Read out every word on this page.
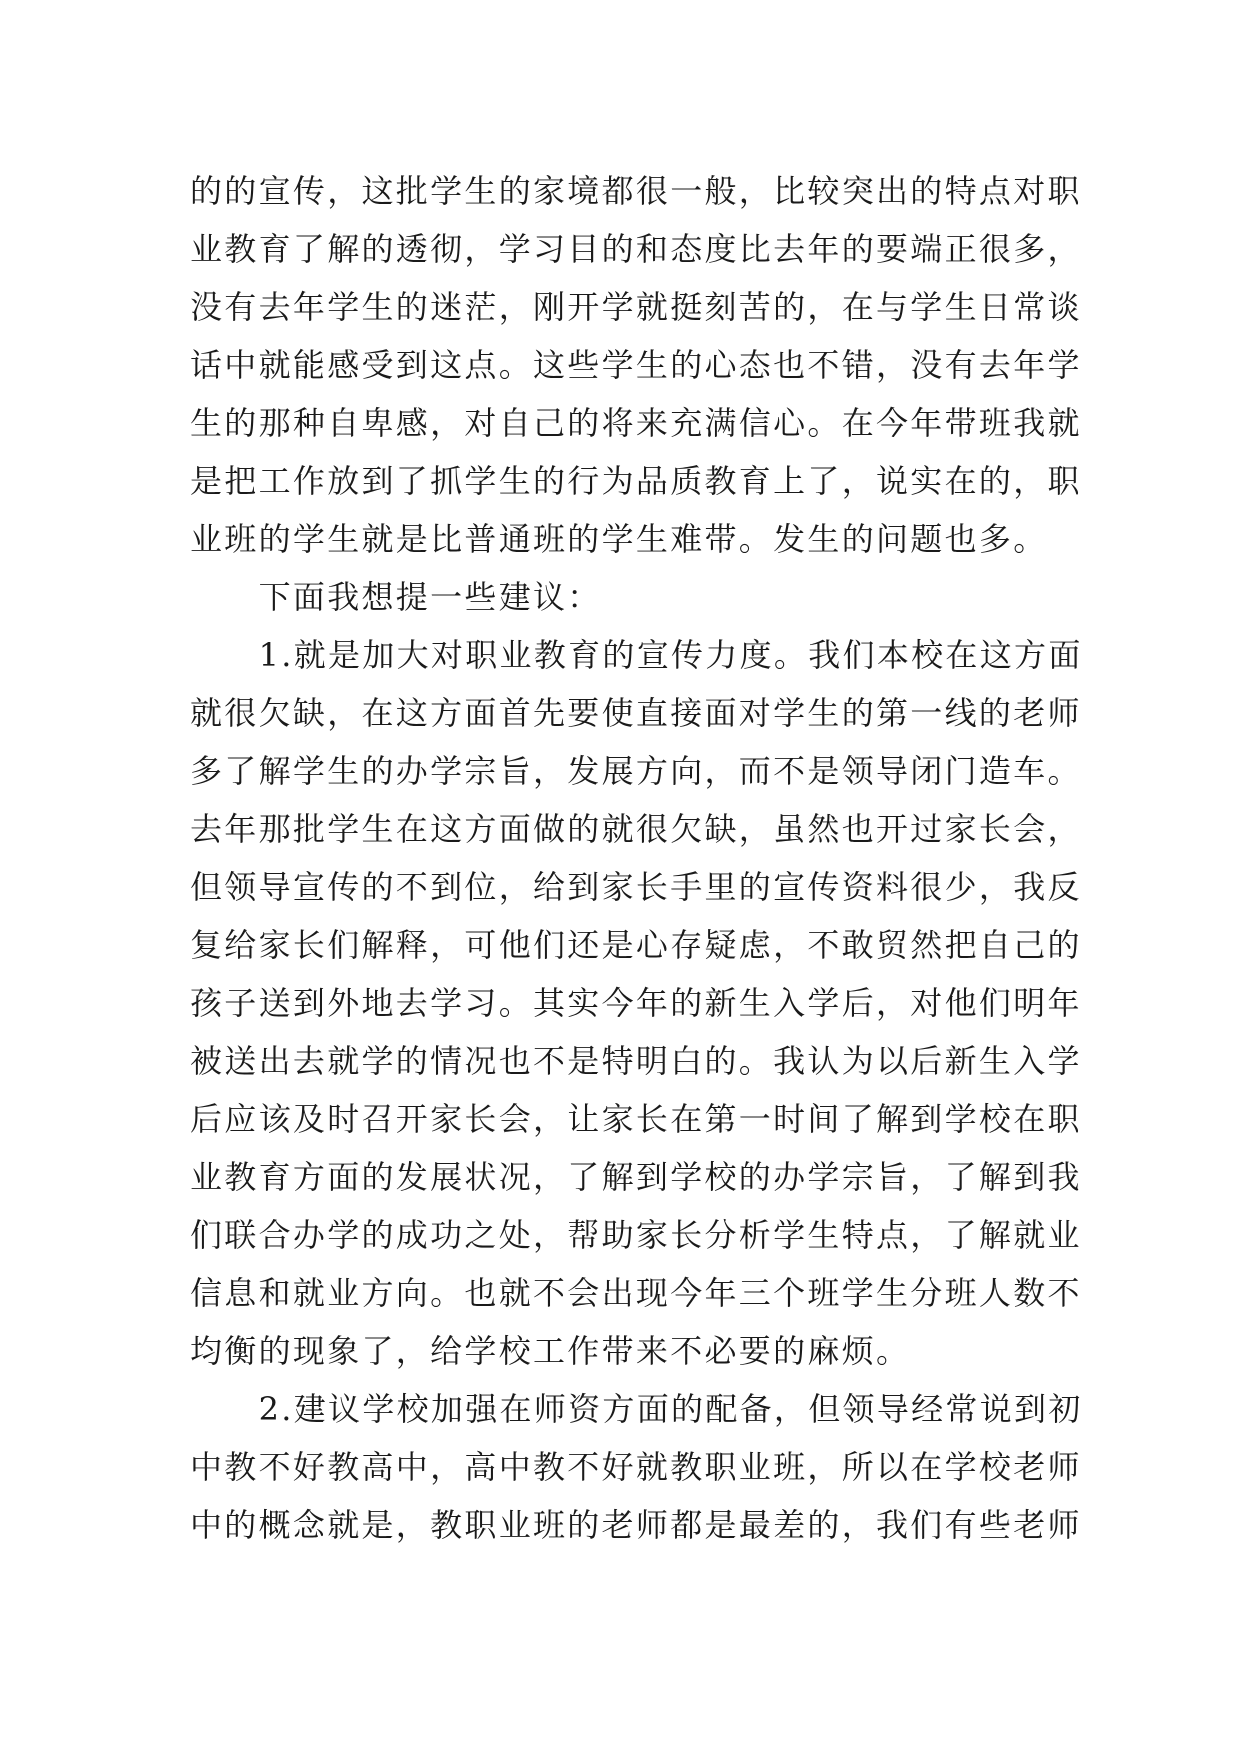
的的宣传，这批学生的家境都很一般，比较突出的特点对职
业教育了解的透彻，学习目的和态度比去年的要端正很多，
没有去年学生的迷茫，刚开学就挺刻苦的，在与学生日常谈
话中就能感受到这点。这些学生的心态也不错，没有去年学
生的那种自卑感，对自己的将来充满信心。在今年带班我就
是把工作放到了抓学生的行为品质教育上了，说实在的，职
业班的学生就是比普通班的学生难带。发生的问题也多。
　　下面我想提一些建议：
　　1.就是加大对职业教育的宣传力度。我们本校在这方面
就很欠缺，在这方面首先要使直接面对学生的第一线的老师
多了解学生的办学宗旨，发展方向，而不是领导闭门造车。
去年那批学生在这方面做的就很欠缺，虽然也开过家长会，
但领导宣传的不到位，给到家长手里的宣传资料很少，我反
复给家长们解释，可他们还是心存疑虑，不敢贸然把自己的
孩子送到外地去学习。其实今年的新生入学后，对他们明年
被送出去就学的情况也不是特明白的。我认为以后新生入学
后应该及时召开家长会，让家长在第一时间了解到学校在职
业教育方面的发展状况，了解到学校的办学宗旨，了解到我
们联合办学的成功之处，帮助家长分析学生特点，了解就业
信息和就业方向。也就不会出现今年三个班学生分班人数不
均衡的现象了，给学校工作带来不必要的麻烦。
　　2.建议学校加强在师资方面的配备，但领导经常说到初
中教不好教高中，高中教不好就教职业班，所以在学校老师
中的概念就是，教职业班的老师都是最差的，我们有些老师
